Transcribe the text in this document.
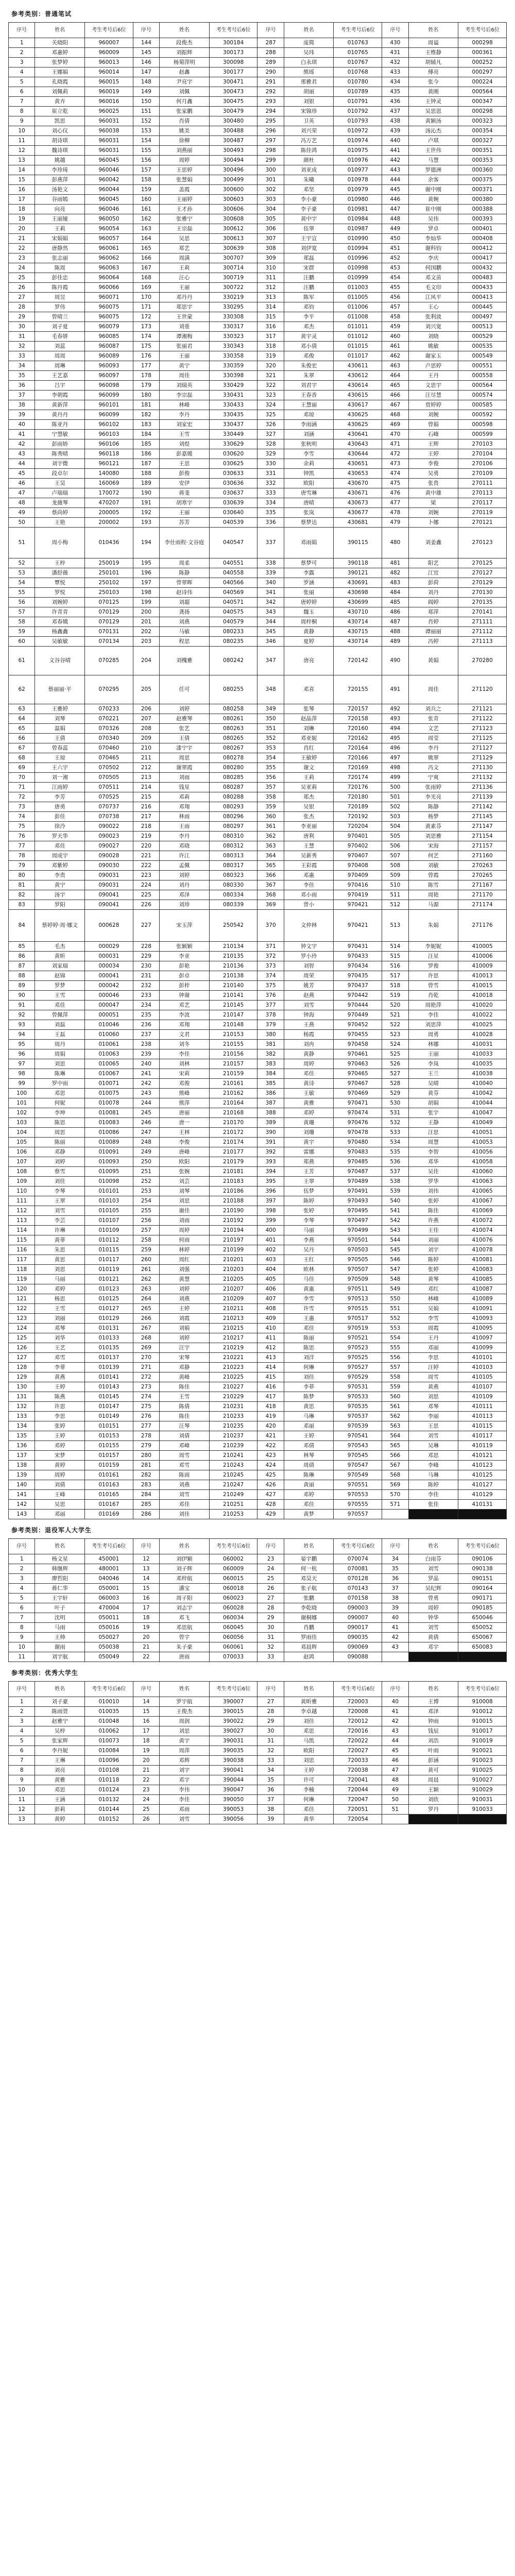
参考类别：普通笔试
序号	姓名	考生考号后6位	序号	姓名	考生考号后6位	序号	姓名	考生考号后6位	序号	姓名	考生考号后6位
1	关晓阳	960007	144	段俊杰	300184	287	庞简	010763	430	周谥	000298
2	邓惠婷	960009	145	刘振辉	300173	288	吴玮	010765	431	王维静	000361
3	张梦婷	960013	146	杨菊萍明	300098	289	白永琪	010767	432	胡辅凡	000252
4	王娜娟	960014	147	赵鑫	300177	290	熊瑶	010768	433	傅亮	000297
5	孔晓霞	960015	148	尹亮宇	300471	291	邢雅君	010780	434	张今	000224
6	刘佩莉	960019	149	刘佩	300473	292	胡丽	010789	435	黄刚	000564
7	黄卉	960016	150	何月鑫	300475	293	刘银	010791	436	王钟灵	000347
8	崔立乾	960025	151	张家鹏	300479	294	宋锦珍	010792	437	吴思恩	000298
9	凯思	960031	152	肖倩	300480	295	卫英	010793	438	黄颖汤	000323
10	刘心仪	960038	153	姚美	300488	296	刘兴荣	010972	439	汤沁杰	000354
11	胡诗琪	960031	154	徐柳	300487	297	冯万艺	010974	440	卢琪	000327
12	魏诗琪	960031	155	刘燕丽	300493	298	陈佳鸿	010975	441	王世伟	000351
13	姚越	960045	156	周婷	300494	299	颜杜	010976	442	马慧	000353
14	李珍琦	960046	157	王思婷	300496	300	刘亚成	010977	443	罗德洲	000360
15	彭燕萍	960042	158	张慧娟	300499	301	朱曦	010978	444	余客	000375
16	汤艳文	960044	159	盖霞	300600	302	邓坚	010979	445	谢中刚	000371
17	谷雨嫣	960045	160	王丽婷	300603	303	李小豪	010980	446	黄婉	000380
18	向亮	960046	161	王才孙	300606	304	李子豪	010981	447	崔中刚	000388
19	王丽娅	960050	162	张雅宁	300608	305	黄中宇	010984	448	吴伟	000393
20	王莉	960054	163	王宗磊	300612	306	伍翠	010987	449	罗卓	000401
21	宋娟娟	960057	164	吴思	300613	307	王宇宣	010990	450	李灿华	000408
22	唐静然	960061	165	郑艺	300639	308	刘伊宽	010994	451	谢科钧	000412
23	张志丽	960062	166	周满	300707	309	郑磊	010996	452	李庆	000417
24	陈周	960063	167	王莉	300714	310	宋群	010998	453	何国鹏	000432
25	彭佳忠	960064	168	汪心	300719	311	汪鹏	010999	454	邓文苗	000483
26	陈丹霞	960066	169	王丽	300722	312	汪鹏	011003	455	毛文印	000433
27	周昱	960071	170	邓丹丹	330219	313	陈军	011005	456	江风平	000413
28	罗伟	960075	171	郑思宇	330295	314	邓钧	011006	457	王心	000445
29	曾晴兰	960075	172	王世蒙	330308	315	李平	011008	458	张利波	000497
30	刘子夏	960079	173	刘重	330317	316	邓杰	011011	459	刘兴宽	000513
31	毛春妍	960085	174	谭湘梅	330323	317	黄宇灵	011012	460	刘晓	000529
32	刘蕊	960087	175	张丽君	330343	318	邓小倩	011015	461	姚敏	000535
33	周周	960089	176	王丽	330358	319	邓俊	011017	462	谢家玉	000549
34	周琳	960093	177	黄宁	330359	320	朱俊宏	430611	463	卢思婷	000551
35	王艺嘉	960097	178	周佳	330398	321	朱翠	430612	464	王丹	000558
36	吕宇	960098	179	刘瑞英	330429	322	刘君宇	430614	465	文思宇	000564
37	李朝霞	960099	180	李宗磊	330431	323	王春香	430615	466	汪尽慧	000574
38	黄新萍	960101	181	林峰	330433	324	王慧丽	430617	467	贾婷婷	000585
39	黄丹丹	960099	182	李丹	330435	325	邓琼	430625	468	刘婉	000592
40	陈亚丹	960102	183	刘家宏	330437	326	李雨涵	430625	469	曾娟	000598
41	宁慧敏	960103	184	王雪	330449	327	刘涵	430641	470	石峰	000599
42	彭雨娇	960106	185	刘煜	330629	328	张秋明	430643	471	王辉	270103
43	陈秀晴	960118	186	彭嘉媛	030620	329	李雪	430644	472	王婷	270104
44	刘宇微	960121	187	王思	030625	330	余莉	430651	473	李俊	270106
45	段卓尔	140080	188	彭俊	030633	331	钟凯	430653	474	吴勇	270109
46	王昊	160069	189	安伊	030636	332	欧阳	430670	475	张贵	270111
47	卢瑞瑞	170072	190	蒋斐	030637	333	唐雪琳	430671	476	黄中雄	270113
48	龙薇琴	470207	191	胡寒宇	030639	334	唐晴	430673	477	梁	270117
49	蔡尚婷	200005	192	王丽	030640	335	张岚	430677	478	刘婉	270119
50	王艳	200002	193	苏芳	040539	336	蔡梦达	430681	479	卜娜	270121
51	周小梅	010436	194	李仕雨程·文谷庭	040547	337	邓雨娟	390115	480	刘姜鑫	270123
52	王梓	250019	195	周柔	040551	338	蔡梦可	390118	481	阳艺	270125
53	潘舒薇	250101	196	陈静	040558	339	李露	390121	482	江宜	270127
54	覃悦	250102	197	曾翠晖	040566	340	罗涵	430691	483	彭荷	270129
55	罗悦	250103	198	赵诗伟	040569	341	张丽	430698	484	刘丹	270130
56	刘婉婷	070125	199	刘超	040571	342	唐婷婷	430699	485	阎婷	270135
57	许青青	070129	200	龚扬	040575	343	魏玉	430710	486	郑萍	270141
58	邓春娥	070129	201	刘燕	040579	344	周梓桐	430714	487	肖婷	271111
59	杨鑫鑫	070131	202	马敏	080233	345	黄静	430715	488	谭丽丽	271112
60	吴敏敏	070134	203	程思	080235	346	夏婷	430714	489	冯婷	271113
61	文谷谷晴	070285	204	刘槐雅	080242	347	唐亮	720142	490	黄娟	270280
62	蔡丽丽·平	070295	205	任可	080255	348	邓喜	720155	491	周佳	271120
63	王雅婷	070233	206	刘婷	080258	349	张琴	720157	492	刘兵之	271121
64	刘琴	070221	207	赵雅琴	080261	350	赵晶萍	720158	493	张青	271122
65	温娟	070326	208	张艺	080263	351	刘琳	720160	494	文艺	271123
66	王倩	070340	209	王倩	080265	352	邓亚妮	720162	495	周莹	271125
67	曾春蕊	070460	210	漆宁宇	080267	353	肖红	720164	496	李丹	271127
68	王琼	070465	211	周思	080278	354	王敏婷	720166	497	姚翠	271129
69	王六宇	070502	212	谢翠霞	080280	355	谢文	720169	498	冯文	271130
70	刘一湘	070505	213	刘雨	080285	356	王莉	720174	499	宁爽	271132
71	江雨婷	070511	214	钱星	080287	357	吴亚莉	720176	500	张雨婷	271136
72	李芳	070525	215	邓莉	080288	358	郑杰	720180	501	李光亮	271139
73	唐勇	070737	216	邓翔	080293	359	吴银	720189	502	陈静	271142
74	彭佳	070738	217	林雨	080296	360	张杰	720192	503	杨梦	271145
75	徐泠	090022	218	王雨	080297	361	李亚丽	720204	504	黄素芬	271147
76	罗天华	090023	219	李丹	080310	362	唐利	970401	505	刘思雅	271154
77	邓佳	090027	220	邓晓	080312	363	王慧	970402	506	宋海	271157
78	周成宇	090028	221	许江	080313	364	吴新秀	970407	507	何艺	271160
79	邓紫婷	090030	222	孟佩	080317	365	王彩霞	970408	508	刘敏	270263
80	李贵	090031	223	刘婷	080323	366	邓惠	970409	509	曾霞	270265
81	黄宁	090031	224	刘丹	080330	367	李佳	970416	510	陈雪	271167
82	汤宇	090041	225	邓泽	080334	368	邓小雨	970419	511	周艳	271170
83	罗阳	090041	226	刘珍	080339	369	曾小	970421	512	马源	271174
84	蔡婷婷·周·娜文	000628	227	宋玉萍	250542	370	文仲林	970421	513	朱娟	271176
85	毛杰	000029	228	张颖颖	210134	371	钟文宇	970431	514	李妮妮	410005
86	黄昕	000031	229	李亚	210135	372	罗小玲	970433	515	汪星	410006
87	刘家瑞	000034	230	彭艳	210136	373	刘智	970434	516	罗俊	410009
88	赵锦	000041	231	彭卓	210138	374	周荣	970435	517	许思	410013
89	罗梦	000042	232	彭梓	210140	375	姚芳	970437	518	曾雪	410015
90	王雪	000046	233	钟谢	210141	376	赵燕	970442	519	肖乾	410018
91	邓佳	000047	234	邓艺	210145	377	刘雪	970444	520	周艳萍	410020
92	曾佩萍	000051	235	李波	210147	378	钟海	970449	521	李佳	410022
93	刘磊	010046	236	邓翔	210148	379	王燕	970452	522	刘思萍	410025
94	王磊	010060	237	文君	210153	380	杨霞	970455	523	周勇	410028
95	周丹	010061	238	刘冬	210155	381	刘冉	970458	524	林娜	410031
96	周娟	010063	239	李佳	210156	382	黄静	970461	525	王丽	410033
97	刘思	010065	240	刘林	210157	383	周婷	970463	526	李岚	410035
98	陈琳	010067	241	宋莉	210159	384	邓佳	970465	527	王兰	410038
99	罗中雨	010071	242	邓俊	210161	385	黄诗	970467	528	吴晴	410040
100	邓思	010075	243	熊峰	210162	386	王敏	970469	529	黄芬	410042
101	何妮	010078	244	熊萍	210164	387	黄雅	970471	530	胡娟	410044
102	李坤	010081	245	唐丽	210168	388	邓婷	970474	531	张宇	410047
103	陈思	010083	246	唐一	210170	389	黄珊	970476	532	王静	410049
104	周思	010086	247	王林	210172	390	刘珊	970478	533	汪思	410051
105	陈丽	010089	248	李俊	210174	391	黄宇	970480	534	周慧	410053
106	邓静	010091	249	唐峰	210177	392	雷娜	970483	535	李智	410056
107	刘婷	010093	250	欧阳	210179	393	郑燕	970485	536	邓华	410058
108	蔡雪	010095	251	张婉	210181	394	王芳	970487	537	吴佳	410060
109	刘佳	010098	252	刘芸	210183	395	王翠	970489	538	罗华	410063
110	李琴	010101	253	刘琴	210186	396	伍梦	970491	539	刘伟	410065
111	王翠	010103	254	刘思	210188	397	陈婷	970493	540	张婷	410067
112	刘雪	010105	255	谢佳	210190	398	张婷	970495	541	陈佳	410069
113	李芸	010107	256	刘雨	210192	399	李琴	970497	542	许燕	410072
114	许琳	010109	257	周婷	210194	400	马丽	970499	543	王佳	410074
115	黄菲	010112	258	何雨	210197	401	李燕	970501	544	刘丽	410076
116	朱思	010115	259	林婷	210199	402	吴丹	970503	545	刘宇	410078
117	黄思	010117	260	周红	210201	403	王红	970505	546	陈婷	410081
118	刘思	010119	261	刘强	210203	404	欧林	970507	547	张婷	410083
119	马丽	010121	262	黄慧	210205	405	马佳	970509	548	黄琴	410085
120	邓婷	010123	263	刘婷	210207	406	黄惠	970511	549	邓红	410087
121	杨思	010125	264	刘燕	210209	407	李雪	970513	550	林峰	410089
122	王雪	010127	265	王婷	210211	408	许雪	970515	551	吴娟	410091
123	刘丽	010129	266	刘霞	210213	409	王惠	970517	552	李雪	410093
124	邓琴	010131	267	刘娟	210215	410	邓佳	970519	553	周霞	410095
125	刘华	010133	268	刘婷	210217	411	陈丽	970521	554	王丹	410097
126	王艺	010135	269	汪宇	210219	412	陈思	970523	555	邓丽	410099
127	邓雪	010137	270	宋琴	210221	413	刘洋	970525	556	李思	410101
128	李菲	010139	271	邓静	210223	414	何琳	970527	557	汪婷	410103
129	黄燕	010141	272	黄峰	210225	415	刘佳	970529	558	周雪	410105
130	王婷	010143	273	陈佳	210227	416	李菲	970531	559	黄燕	410107
131	陈燕	010145	274	王雪	210229	417	陈梦	970533	560	刘思	410109
132	许思	010147	275	陈倩	210231	418	黄思	970535	561	邓琴	410111
133	李思	010149	276	陈佳	210233	419	马琳	970537	562	李丽	410113
134	张婷	010151	277	汪琴	210235	420	邓丽	970539	563	王思	410115
135	王婷	010153	278	刘倩	210237	421	王婷	970541	564	刘雪	410117
136	邓婷	010155	279	邓峰	210239	422	邓倩	970543	565	吴琳	410119
137	宋梦	010157	280	周雪	210241	423	林琴	970545	566	邓思	410121
138	黄婷	010159	281	邓雪	210243	424	周倩	970547	567	李峰	410123
139	周婷	010161	282	陈雨	210245	425	陈琳	970549	568	马琳	410125
140	刘倩	010163	283	刘燕	210247	426	黄丽	970551	569	陈婷	410127
141	王峰	010165	284	刘雪	210249	427	邓婷	970553	570	李佳	410129
142	吴思	010167	285	邓佳	210251	428	邓佳	970555	571	张佳	410131
143	邓丽	010169	286	刘佳	210253	429	黄梦	970557			
参考类别：退役军人大学生
序号	姓名	考生考号后6位	序号	姓名	考生考号后6位	序号	姓名	考生考号后6位	序号	姓名	考生考号后6位
1	杨文星	450001	12	刘伊颖	060002	23	晏宇鹏	070074	34	白雨芬	090106
2	韩继辉	480001	13	刘子辉	060009	24	何一杭	070081	35	刘雪	090138
3	廖哲阳	040046	14	邓梓航	060015	25	邓昊天	070128	36	罗晶	090151
4	蒋仁华	050001	15	潘宝	060018	26	张子航	070143	37	吴纪辉	090164
5	王宇轩	060003	16	周子阳	060023	27	张鹏	070158	38	曾勇	090171
6	叶子	470004	17	刘志宇	060028	28	李乾晓	090003	39	周婷	090185
7	沈明	050011	18	邓飞	060034	29	谢桐娜	090007	40	钟华	650046
8	马雨	050016	19	邓思航	060045	30	肖鹏	090017	41	刘雪	650052
9	王帅	050027	20	曾宇	060056	31	罗雨佳	090035	42	黄倩	650067
10	谢雨	050038	21	朱子豪	060061	32	邓晨辉	090069	43	邓宇	650083
11	刘宇航	050049	22	唐雨	070033	33	赵鸿	090088			
参考类别：优秀大学生
序号	姓名	考生考号后6位	序号	姓名	考生考号后6位	序号	姓名	考生考号后6位	序号	姓名	考生考号后6位
1	刘子豪	010010	14	罗宇航	390007	27	黄昕雅	720003	40	王博	910008
2	陈雨萱	010035	15	王俊杰	390015	28	李卓越	720008	41	邓泽	910012
3	赵雅宁	010048	16	周润	390022	29	刘佳	720012	42	钟雨	910015
4	吴梓	010062	17	刘思	390027	30	邓思	720016	43	钱辰	910017
5	张家辉	010073	18	黄宇	390031	31	马凯	720022	44	刘浩	910019
6	李丹妮	010084	19	周萍	390035	32	欧阳	720027	45	叶雨	910021
7	王琳	010096	20	邓辉	390038	33	刘思	720033	46	彭涵	910023
8	刘亮	010108	21	刘宇	390041	34	王婷	720038	47	黄可	910025
9	黄雅	010118	22	邓宇	390044	35	许可	720041	48	周晨	910027
10	邓思	010124	23	李伟	390047	36	李楠	720044	49	王颖	910029
11	王涵	010132	24	李佳	390050	37	何琳	720047	50	刘欣	910031
12	彭莉	010144	25	邓雨	390053	38	邓佳	720051	51	罗丹	910033
13	黄婷	010152	26	刘雪	390056	39	黄华	720054			
